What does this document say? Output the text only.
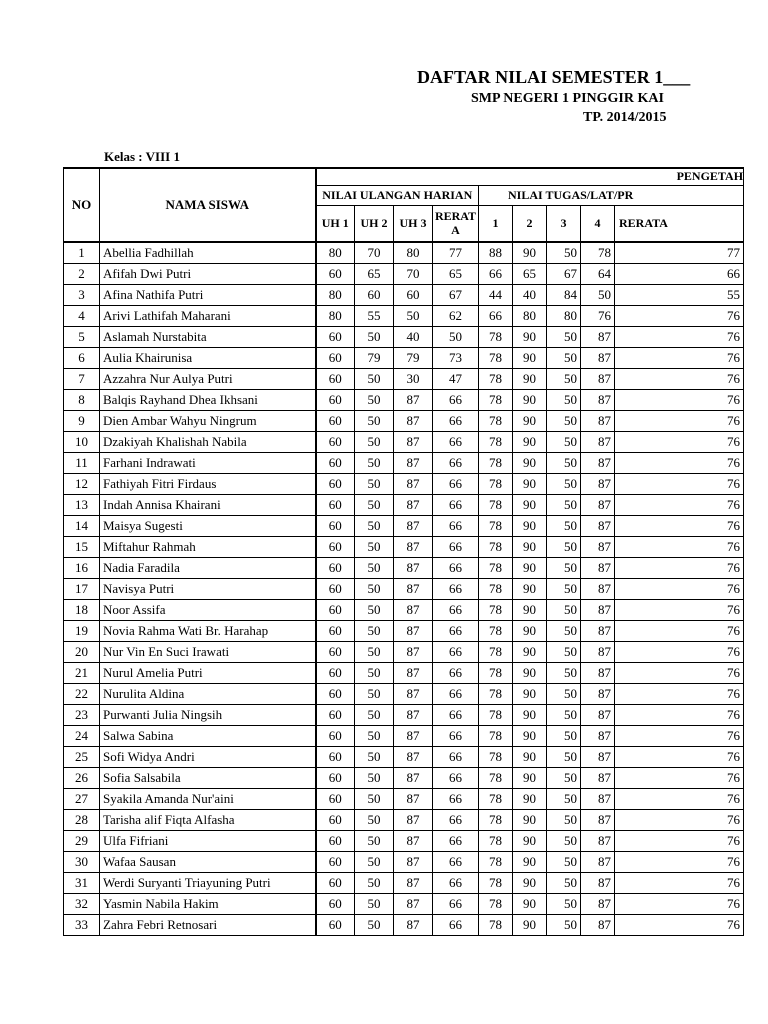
DAFTAR NILAI SEMESTER 1___
SMP NEGERI 1 PINGGIR KAI
TP. 2014/2015
Kelas : VIII 1
NO	NAMA SISWA	PENGETAH								
		NILAI ULANGAN HARIAN				NILAI TUGAS/LAT/PR				
		UH 1	UH 2	UH 3	RERAT A	1	2	3	4	RERATA
1	Abellia Fadhillah	80	70	80	77	88	90	50	78	77
2	Afifah Dwi Putri	60	65	70	65	66	65	67	64	66
3	Afina Nathifa Putri	80	60	60	67	44	40	84	50	55
4	Arivi Lathifah Maharani	80	55	50	62	66	80	80	76	76
5	Aslamah Nurstabita	60	50	40	50	78	90	50	87	76
6	Aulia Khairunisa	60	79	79	73	78	90	50	87	76
7	Azzahra Nur Aulya Putri	60	50	30	47	78	90	50	87	76
8	Balqis Rayhand Dhea Ikhsani	60	50	87	66	78	90	50	87	76
9	Dien Ambar Wahyu Ningrum	60	50	87	66	78	90	50	87	76
10	Dzakiyah Khalishah Nabila	60	50	87	66	78	90	50	87	76
11	Farhani Indrawati	60	50	87	66	78	90	50	87	76
12	Fathiyah Fitri Firdaus	60	50	87	66	78	90	50	87	76
13	Indah Annisa Khairani	60	50	87	66	78	90	50	87	76
14	Maisya Sugesti	60	50	87	66	78	90	50	87	76
15	Miftahur Rahmah	60	50	87	66	78	90	50	87	76
16	Nadia Faradila	60	50	87	66	78	90	50	87	76
17	Navisya Putri	60	50	87	66	78	90	50	87	76
18	Noor Assifa	60	50	87	66	78	90	50	87	76
19	Novia Rahma Wati Br. Harahap	60	50	87	66	78	90	50	87	76
20	Nur Vin En Suci Irawati	60	50	87	66	78	90	50	87	76
21	Nurul Amelia Putri	60	50	87	66	78	90	50	87	76
22	Nurulita Aldina	60	50	87	66	78	90	50	87	76
23	Purwanti Julia Ningsih	60	50	87	66	78	90	50	87	76
24	Salwa Sabina	60	50	87	66	78	90	50	87	76
25	Sofi Widya Andri	60	50	87	66	78	90	50	87	76
26	Sofia Salsabila	60	50	87	66	78	90	50	87	76
27	Syakila Amanda Nur'aini	60	50	87	66	78	90	50	87	76
28	Tarisha alif Fiqta Alfasha	60	50	87	66	78	90	50	87	76
29	Ulfa Fifriani	60	50	87	66	78	90	50	87	76
30	Wafaa Sausan	60	50	87	66	78	90	50	87	76
31	Werdi Suryanti Triayuning Putri	60	50	87	66	78	90	50	87	76
32	Yasmin Nabila Hakim	60	50	87	66	78	90	50	87	76
33	Zahra Febri Retnosari	60	50	87	66	78	90	50	87	76
